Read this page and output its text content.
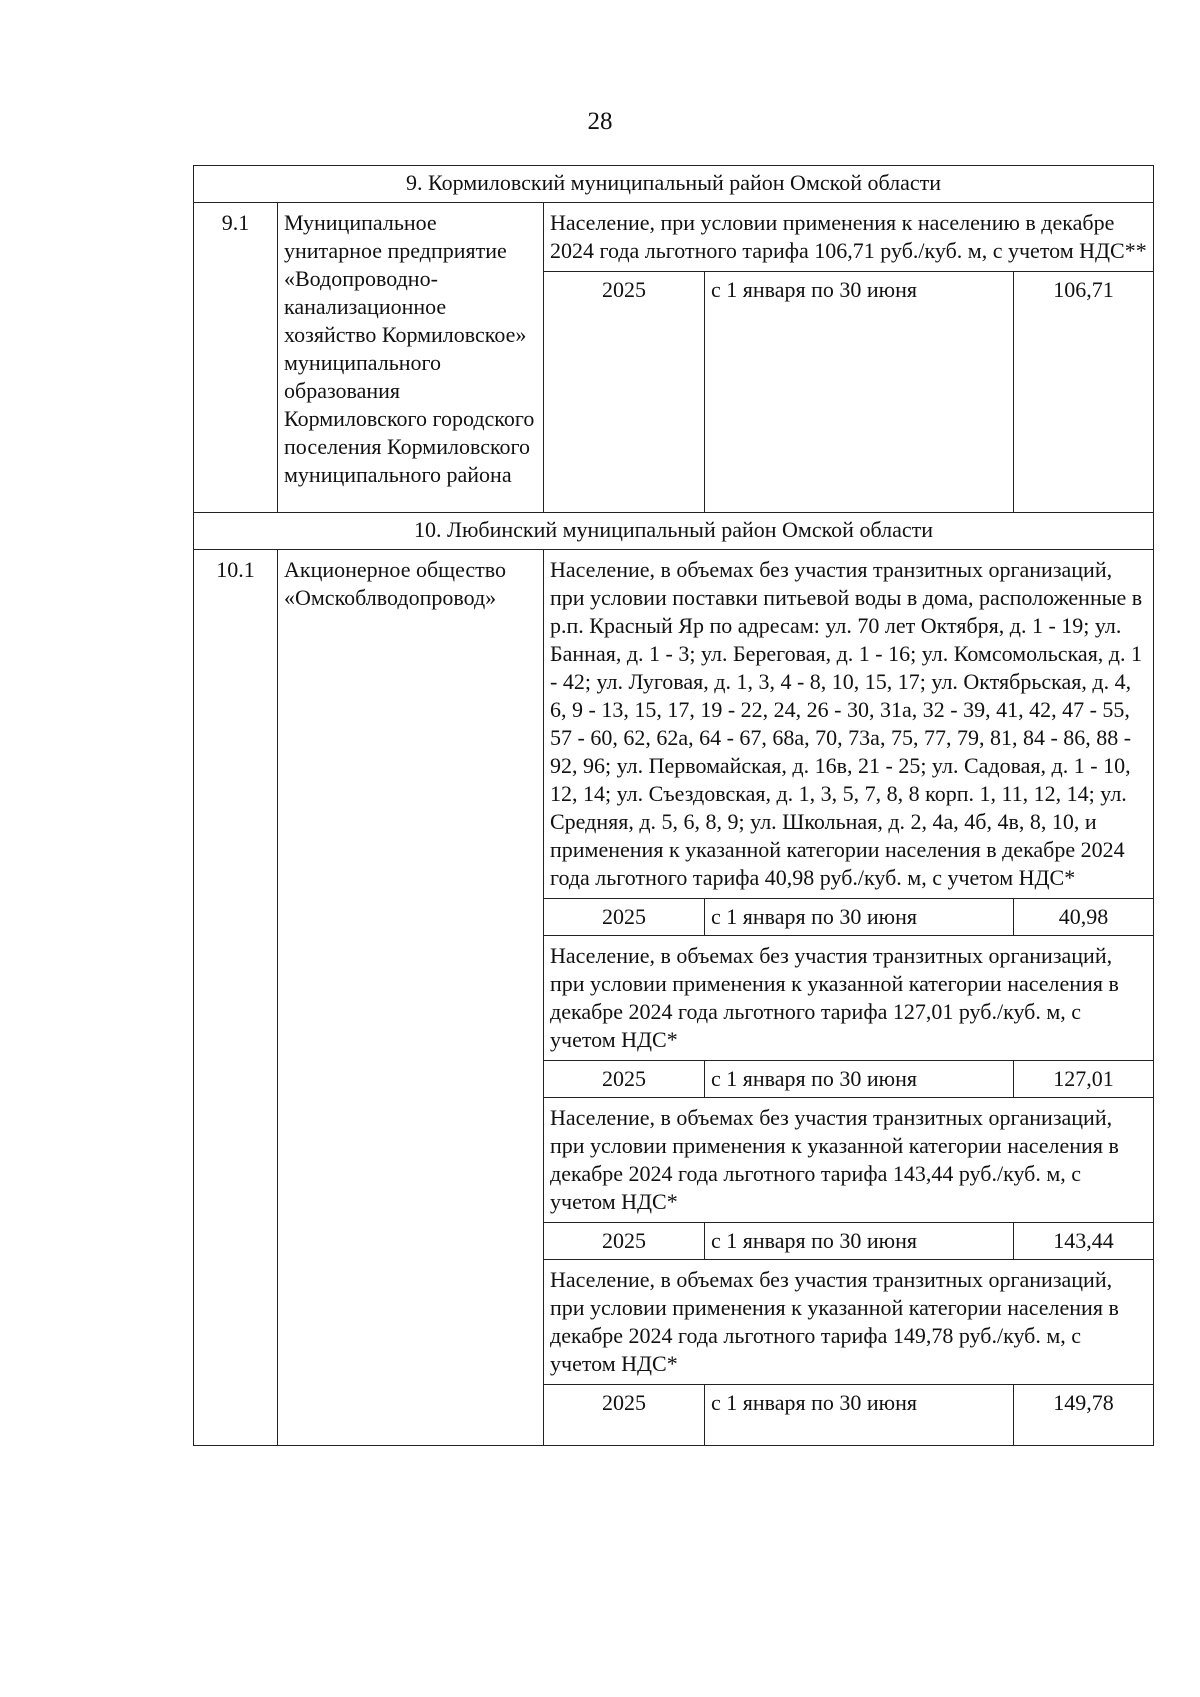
28
9. Кормиловский муниципальный район Омской области
9.1	Муниципальное унитарное предприятие «Водопроводно-канализационное хозяйство Кормиловское» муниципального образования Кормиловского городского поселения Кормиловского муниципального района	
Население, при условии применения к населению в декабре 2024 года льготного тарифа 106,71 руб./куб. м, с учетом НДС**
2025	с 1 января по 30 июня	106,71

10. Любинский муниципальный район Омской области
10.1	Акционерное общество «Омскоблводопровод»	
Население, в объемах без участия транзитных организаций, при условии поставки питьевой воды в дома, расположенные в р.п. Красный Яр по адресам: ул. 70 лет Октября, д. 1 - 19; ул. Банная, д. 1 - 3; ул. Береговая, д. 1 - 16; ул. Комсомольская, д. 1 - 42; ул. Луговая, д. 1, 3, 4 - 8, 10, 15, 17; ул. Октябрьская, д. 4, 6, 9 - 13, 15, 17, 19 - 22, 24, 26 - 30, 31а, 32 - 39, 41, 42, 47 - 55, 57 - 60, 62, 62а, 64 - 67, 68а, 70, 73а, 75, 77, 79, 81, 84 - 86, 88 - 92, 96; ул. Первомайская, д. 16в, 21 - 25; ул. Садовая, д. 1 - 10, 12, 14; ул. Съездовская, д. 1, 3, 5, 7, 8, 8 корп. 1, 11, 12, 14; ул. Средняя, д. 5, 6, 8, 9; ул. Школьная, д. 2, 4а, 4б, 4в, 8, 10, и применения к указанной категории населения в декабре 2024 года льготного тарифа 40,98 руб./куб. м, с учетом НДС*
2025	с 1 января по 30 июня	40,98
Население, в объемах без участия транзитных организаций, при условии применения к указанной категории населения в декабре 2024 года льготного тарифа 127,01 руб./куб. м, с учетом НДС*
2025	с 1 января по 30 июня	127,01
Население, в объемах без участия транзитных организаций, при условии применения к указанной категории населения в декабре 2024 года льготного тарифа 143,44 руб./куб. м, с учетом НДС*
2025	с 1 января по 30 июня	143,44
Население, в объемах без участия транзитных организаций, при условии применения к указанной категории населения в декабре 2024 года льготного тарифа 149,78 руб./куб. м, с учетом НДС*
2025	с 1 января по 30 июня	149,78
